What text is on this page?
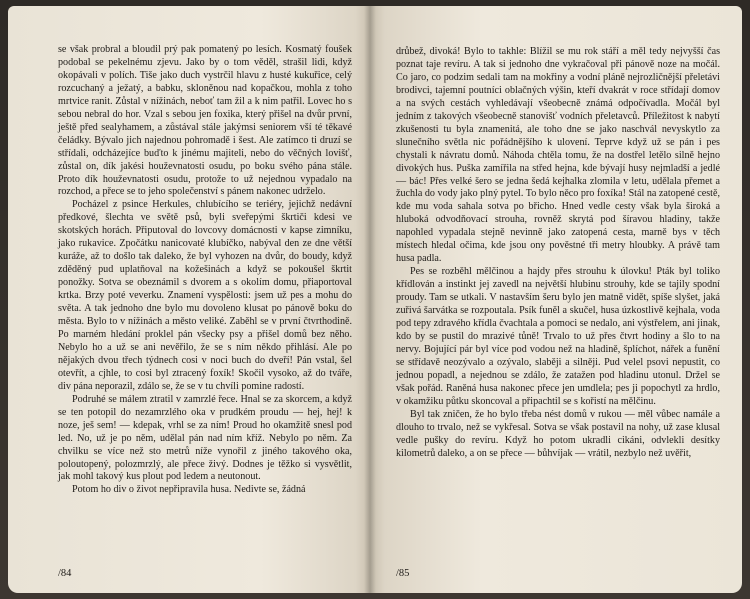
se však probral a bloudil prý pak pomatený po lesích. Kosmatý foušek podobal se pekelnému zjevu. Jako by o tom věděl, strašil lidi, když okopávali v polích. Tiše jako duch vystrčil hlavu z husté kukuřice, celý rozcuchaný a ježatý, a babku, skloněnou nad kopačkou, mohla z toho mrtvice ranit. Zůstal v nížinách, neboť tam žil a k nim patřil. Lovec ho s sebou nebral do hor. Vzal s sebou jen foxika, který přišel na dvůr první, ještě před sealyhamem, a zůstával stále jakýmsi seniorem vší té těkavé čeládky. Bývalo jich najednou pohromadě i šest. Ale zatímco ti druzí se střídali, odcházejíce buďto k jinému majiteli, nebo do věčných lovišť, zůstal on, dík jakési houževnatosti osudu, po boku svého pána stále. Proto dík houževnatosti osudu, protože to už nejednou vypadalo na rozchod, a přece se to jeho společenství s pánem nakonec udrželo.

Pocházel z psince Herkules, chlubícího se teriéry, jejichž nedávní předkové, šlechta ve světě psů, byli sveřepými škrtiči kdesi ve skotských horách. Připutoval do lovcovy domácnosti v kapse zimníku, jako rukavice. Zpočátku nanicovaté klubíčko, nabýval den ze dne větší kuráže, až to došlo tak daleko, že byl vyhozen na dvůr, do boudy, když zděděný pud uplatňoval na kožešinách a když se pokoušel škrtit ponožky. Sotva se obeznámil s dvorem a s okolím domu, přiaportoval krtka. Brzy poté veverku. Znamení vyspělosti: jsem už pes a mohu do světa. A tak jednoho dne bylo mu dovoleno klusat po pánově boku do města. Bylo to v nížinách a město veliké. Zaběhl se v první čtvrthodině. Po marném hledání proklel pán všecky psy a přišel domů bez něho. Nebylo ho a už se ani nevěřilo, že se s ním někdo přihlásí. Ale po nějakých dvou třech týdnech cosi v noci buch do dveří! Pán vstal, šel otevřít, a cjhle, to cosi byl ztracený foxík! Skočil vysoko, až do tváře, div pána neporazil, zdálo se, že se v tu chvíli pomine radostí.

Podruhé se málem ztratil v zamrzlé řece. Hnal se za skorcem, a když se ten potopil do nezamrzlého oka v prudkém proudu — hej, hej! k noze, ješ sem! — kdepak, vrhl se za ním! Proud ho okamžitě snesl pod led. No, už je po něm, udělal pán nad ním kříž. Nebylo po něm. Za chvilku se více než sto metrů níže vynořil z jiného takového oka, poloutopený, polozmrzlý, ale přece živý. Dodnes je těžko si vysvětlit, jak mohl takový kus plout pod ledem a neutonout.

Potom ho div o život nepřipravila husa. Nedivte se, žádná

/84

drůbež, divoká! Bylo to takhle: Blížil se mu rok stáří a měl tedy nejvyšší čas poznat taje revíru. A tak si jednoho dne vykračoval při pánově noze na močál. Co jaro, co podzim sedali tam na mokřiny a vodní pláně nejrozličnější přeletávi brodivci, tajemní poutníci oblačných výšin, kteří dvakrát v roce střídají domov a na svých cestách vyhledávají všeobecně známá odpočívadla. Močál byl jedním z takových všeobecně stanovišť vodních přeletavců. Příležitost k nabytí zkušenosti tu byla znamenitá, ale toho dne se jako naschvál nevyskytlo za slunečního světla nic pořádnějšího k ulovení. Teprve když už se pán i pes chystali k návratu domů. Náhoda chtěla tomu, že na dostřel letělo silně hejno divokých hus. Puška zamířila na střed hejna, kde bývají husy nejmladší a jedlé — bác! Přes velké šero se jedna šedá kejhalka zlomila v letu, udělala přemet a žuchla do vody jako plný pytel. To bylo něco pro foxíka! Stál na zatopené cestě, kde mu voda sahala sotva po břicho. Hned vedle cesty však byla široká a hluboká odvodňovací strouha, rovněž skrytá pod šíravou hladiny, takže napohled vypadala stejně nevinně jako zatopená cesta, marně bys v těch místech hledal očima, kde jsou ony pověstné tři metry hloubky. A právě tam husa padla.

Pes se rozběhl mělčinou a hajdy přes strouhu k úlovku! Pták byl toliko křídlován a instinkt jej zavedl na největší hlubinu strouhy, kde se tajily spodní proudy. Tam se utkali. V nastavším šeru bylo jen matně vidět, spíše slyšet, jaká zuřivá šarvátka se rozpoutala. Psík funěl a skučel, husa úzkostlivě kejhala, voda pod tepy zdravého křídla čvachtala a pomoci se nedalo, ani výstřelem, ani jinak, kdo by se pustil do mrazivé tůně! Trvalo to už přes čtvrt hodiny a šlo to na nervy. Bojující pár byl více pod vodou než na hladině, šplíchot, nářek a funění se střídavě neozývalo a ozývalo, slaběji a silněji. Pud velel psovi nepustit, co jednou popadl, a nejednou se zdálo, že zatažen pod hladinu utonul. Držel se však pořád. Raněná husa nakonec přece jen umdlela; pes ji popochytl za hrdlo, v okamžiku půtku skoncoval a připachtil se s kořistí na mělčinu.

Byl tak zničen, že ho bylo třeba nést domů v rukou — měl vůbec namále a dlouho to trvalo, než se vykřesal. Sotva se však postavil na nohy, už zase klusal vedle pušky do revíru. Když ho potom ukradli cikáni, odvlekli desítky kilometrů daleko, a on se přece — bůhvíjak — vrátil, nezbylo než uvěřit,

/85
